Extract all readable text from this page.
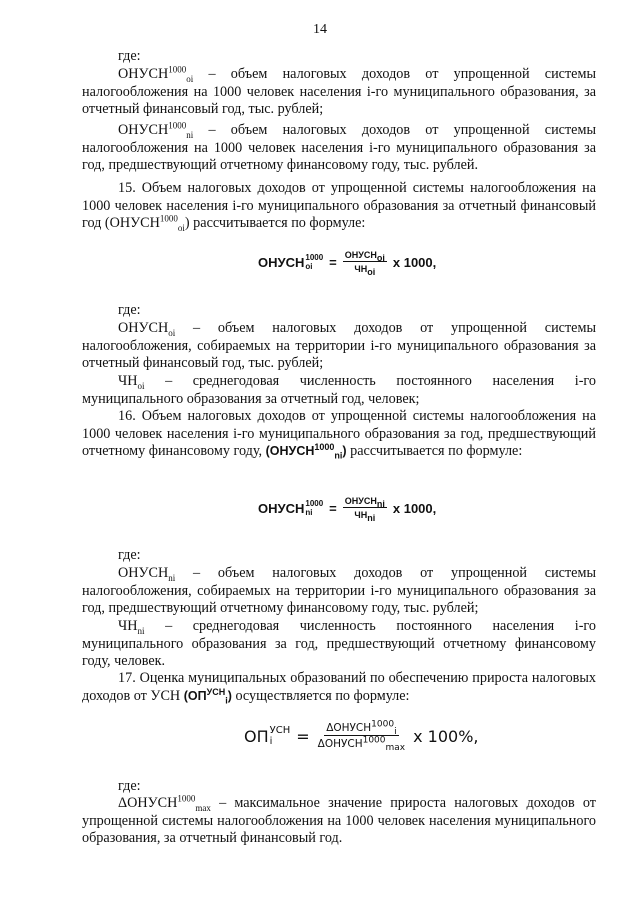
14

где:

$ОНУСН^{1000}_{oi}$ – объем налоговых доходов от упрощенной системы налогообложения на 1000 человек населения i-го муниципального образования, за отчетный финансовый год, тыс. рублей;

$ОНУСН^{1000}_{ni}$ – объем налоговых доходов от упрощенной системы налогообложения на 1000 человек населения i-го муниципального образования за год, предшествующий отчетному финансовому году, тыс. рублей.

15. Объем налоговых доходов от упрощенной системы налогообложения на 1000 человек населения i-го муниципального образования за отчетный финансовый год $(ОНУСН^{1000}_{oi})$ рассчитывается по формуле:

ОНУСН 1000
oi	= $\frac{ОНУСН_{oi}}{ЧН_{oi}}$ x 1000,

где:

$ОНУСН_{oi}$ – объем налоговых доходов от упрощенной системы налогообложения, собираемых на территории i-го муниципального образования за отчетный финансовый год, тыс. рублей;

$ЧН_{oi}$ – среднегодовая численность постоянного населения i-го муниципального образования за отчетный год, человек;

16. Объем налоговых доходов от упрощенной системы налогообложения на 1000 человек населения i-го муниципального образования за год, предшествующий отчетному финансовому году, $(ОНУСН^{1000}_{ni})$ рассчитывается по формуле:

ОНУСН 1000
ni	= $\frac{ОНУСН_{ni}}{ЧН_{ni}}$ x 1000,

где:

$ОНУСН_{ni}$ – объем налоговых доходов от упрощенной системы налогообложения, собираемых на территории i-го муниципального образования за год, предшествующий отчетному финансовому году, тыс. рублей;

$ЧН_{ni}$ – среднегодовая численность постоянного населения i-го муниципального образования за год, предшествующий отчетному финансовому году, человек.

17. Оценка муниципальных образований по обеспечению прироста налоговых доходов от УСН $(ОП^{УСН}_i)$ осуществляется по формуле:

ОП УСН
i	= $\frac{\Delta ОНУСН^{1000}_i}{\Delta ОНУСН^{1000}_{max}}$ x 100%,

где:

$\Delta ОНУСН^{1000}_{max}$ – максимальное значение прироста налоговых доходов от упрощенной системы налогообложения на 1000 человек населения муниципального образования, за отчетный финансовый год.
